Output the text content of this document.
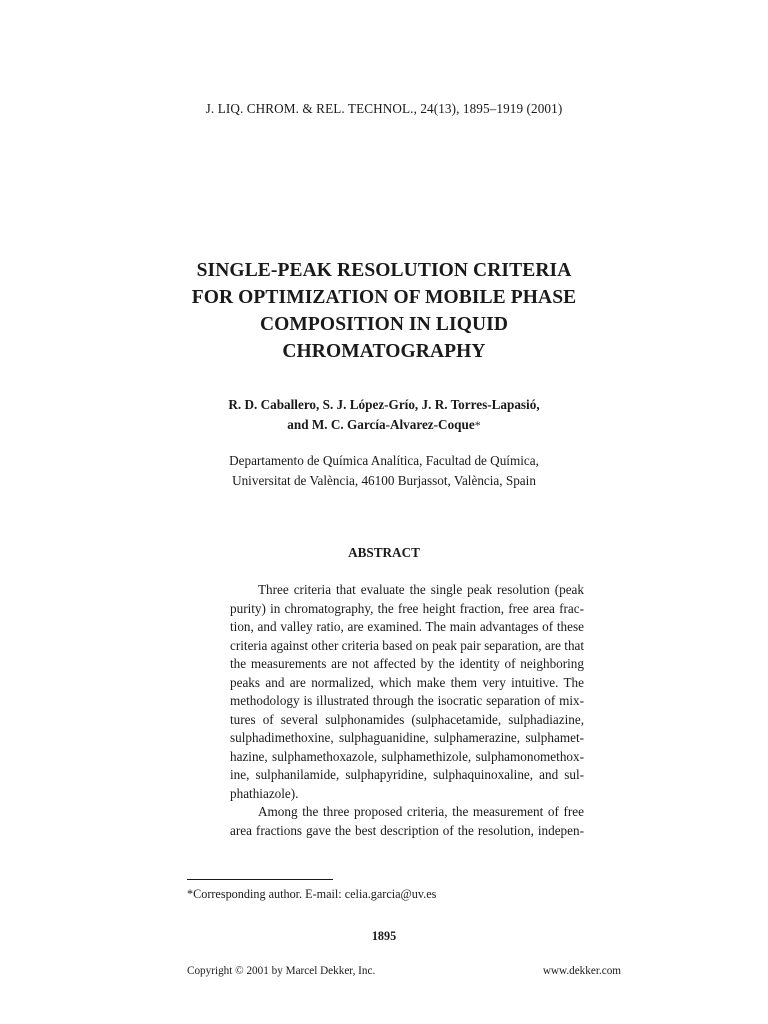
J. LIQ. CHROM. & REL. TECHNOL., 24(13), 1895–1919 (2001)
SINGLE-PEAK RESOLUTION CRITERIA
FOR OPTIMIZATION OF MOBILE PHASE
COMPOSITION IN LIQUID
CHROMATOGRAPHY
R. D. Caballero, S. J. López-Grío, J. R. Torres-Lapasió,
and M. C. García-Alvarez-Coque*
Departamento de Química Analítica, Facultad de Química,
Universitat de València, 46100 Burjassot, València, Spain
ABSTRACT
Three criteria that evaluate the single peak resolution (peak
purity) in chromatography, the free height fraction, free area frac-
tion, and valley ratio, are examined. The main advantages of these
criteria against other criteria based on peak pair separation, are that
the measurements are not affected by the identity of neighboring
peaks and are normalized, which make them very intuitive. The
methodology is illustrated through the isocratic separation of mix-
tures of several sulphonamides (sulphacetamide, sulphadiazine,
sulphadimethoxine, sulphaguanidine, sulphamerazine, sulphamet-
hazine, sulphamethoxazole, sulphamethizole, sulphamonomethox-
ine, sulphanilamide, sulphapyridine, sulphaquinoxaline, and sul-
phathiazole).
Among the three proposed criteria, the measurement of free
area fractions gave the best description of the resolution, indepen-
*Corresponding author. E-mail: celia.garcia@uv.es
1895
Copyright © 2001 by Marcel Dekker, Inc.	www.dekker.com
